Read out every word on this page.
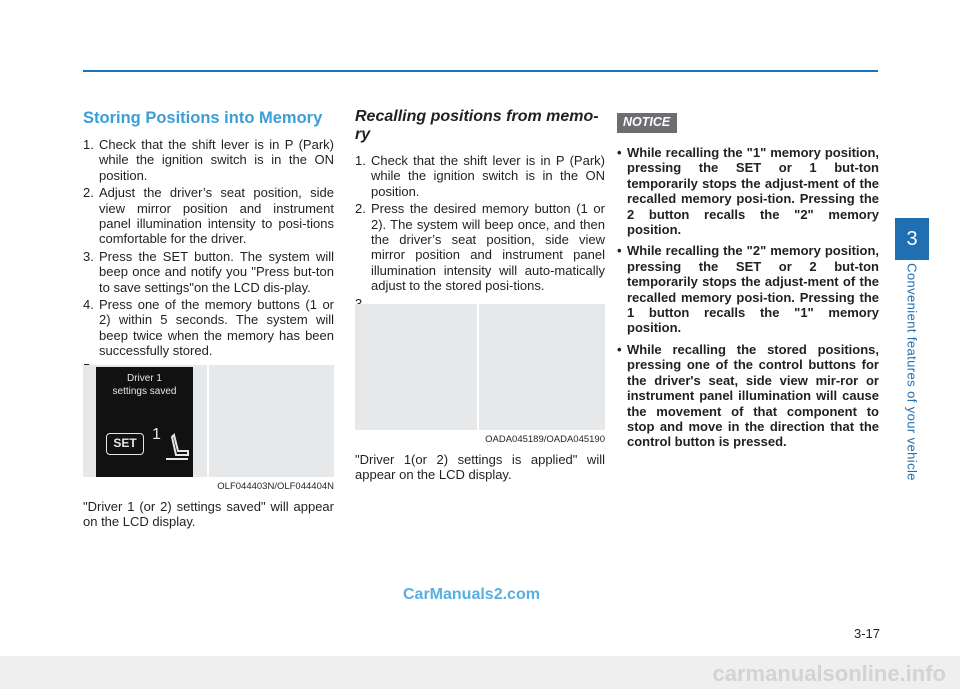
Storing Positions into Memory
1. Check that the shift lever is in P (Park) while the ignition switch is in the ON position.
2. Adjust the driver’s seat position, side view mirror position and instrument panel illumination intensity to posi-tions comfortable for the driver.
3. Press the SET button. The system will beep once and notify you "Press but-ton to save settings"on the LCD dis-play.
4. Press one of the memory buttons (1 or 2) within 5 seconds. The system will beep twice when the memory has been successfully stored.
Driver 1
settings saved
SET 1
OLF044403N/OLF044404N

"Driver 1 (or 2) settings saved" will appear on the LCD display.

Recalling positions from memo-ry
1. Check that the shift lever is in P (Park) while the ignition switch is in the ON position.
2. Press the desired memory button (1 or 2). The system will beep once, and then the driver’s seat position, side view mirror position and instrument panel illumination intensity will auto-matically adjust to the stored posi-tions.
OADA045189/OADA045190

"Driver 1(or 2) settings is applied" will appear on the LCD display.

NOTICE
• While recalling the "1" memory position, pressing the SET or 1 but-ton temporarily stops the adjust-ment of the recalled memory posi-tion. Pressing the 2 button recalls the "2" memory position.
• While recalling the "2" memory position, pressing the SET or 2 but-ton temporarily stops the adjust-ment of the recalled memory posi-tion. Pressing the 1 button recalls the "1" memory position.
• While recalling the stored positions, pressing one of the control buttons for the driver's seat, side view mir-ror or instrument panel illumination will cause the movement of that component to stop and move in the direction that the control button is pressed.
3
Convenient features of your vehicle
3-17
CarManuals2.com
carmanualsonline.info
